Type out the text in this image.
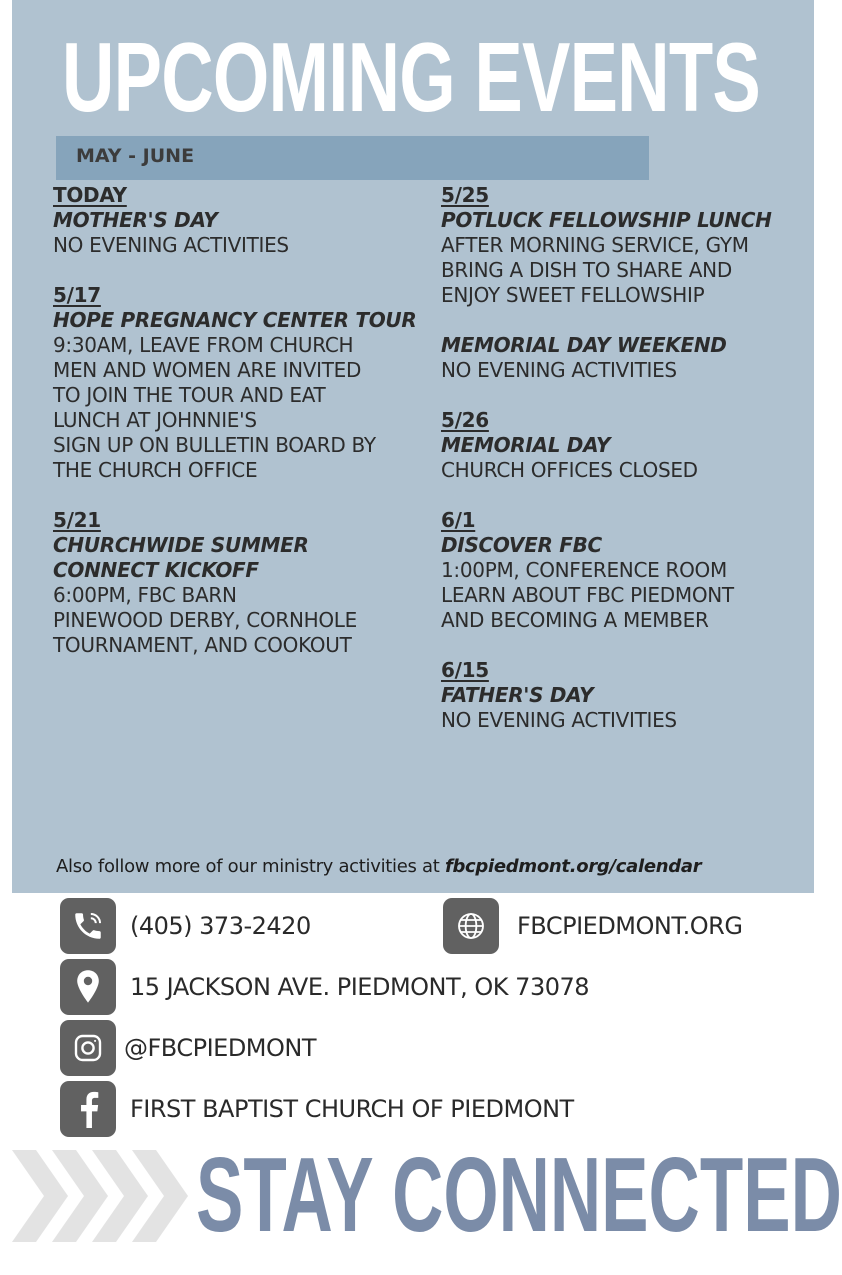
UPCOMING EVENTS
MAY - JUNE
TODAY
MOTHER'S DAY
NO EVENING ACTIVITIES
5/17
HOPE PREGNANCY CENTER TOUR
9:30AM, LEAVE FROM CHURCH
MEN AND WOMEN ARE INVITED
TO JOIN THE TOUR AND EAT
LUNCH AT JOHNNIE'S
SIGN UP ON BULLETIN BOARD BY
THE CHURCH OFFICE
5/21
CHURCHWIDE SUMMER
CONNECT KICKOFF
6:00PM, FBC BARN
PINEWOOD DERBY, CORNHOLE
TOURNAMENT, AND COOKOUT
5/25
POTLUCK FELLOWSHIP LUNCH
AFTER MORNING SERVICE, GYM
BRING A DISH TO SHARE AND
ENJOY SWEET FELLOWSHIP
MEMORIAL DAY WEEKEND
NO EVENING ACTIVITIES
5/26
MEMORIAL DAY
CHURCH OFFICES CLOSED
6/1
DISCOVER FBC
1:00PM, CONFERENCE ROOM
LEARN ABOUT FBC PIEDMONT
AND BECOMING A MEMBER
6/15
FATHER'S DAY
NO EVENING ACTIVITIES
Also follow more of our ministry activities at fbcpiedmont.org/calendar
(405) 373-2420	FBCPIEDMONT.ORG
15 JACKSON AVE. PIEDMONT, OK 73078
@FBCPIEDMONT
FIRST BAPTIST CHURCH OF PIEDMONT
STAY CONNECTED
